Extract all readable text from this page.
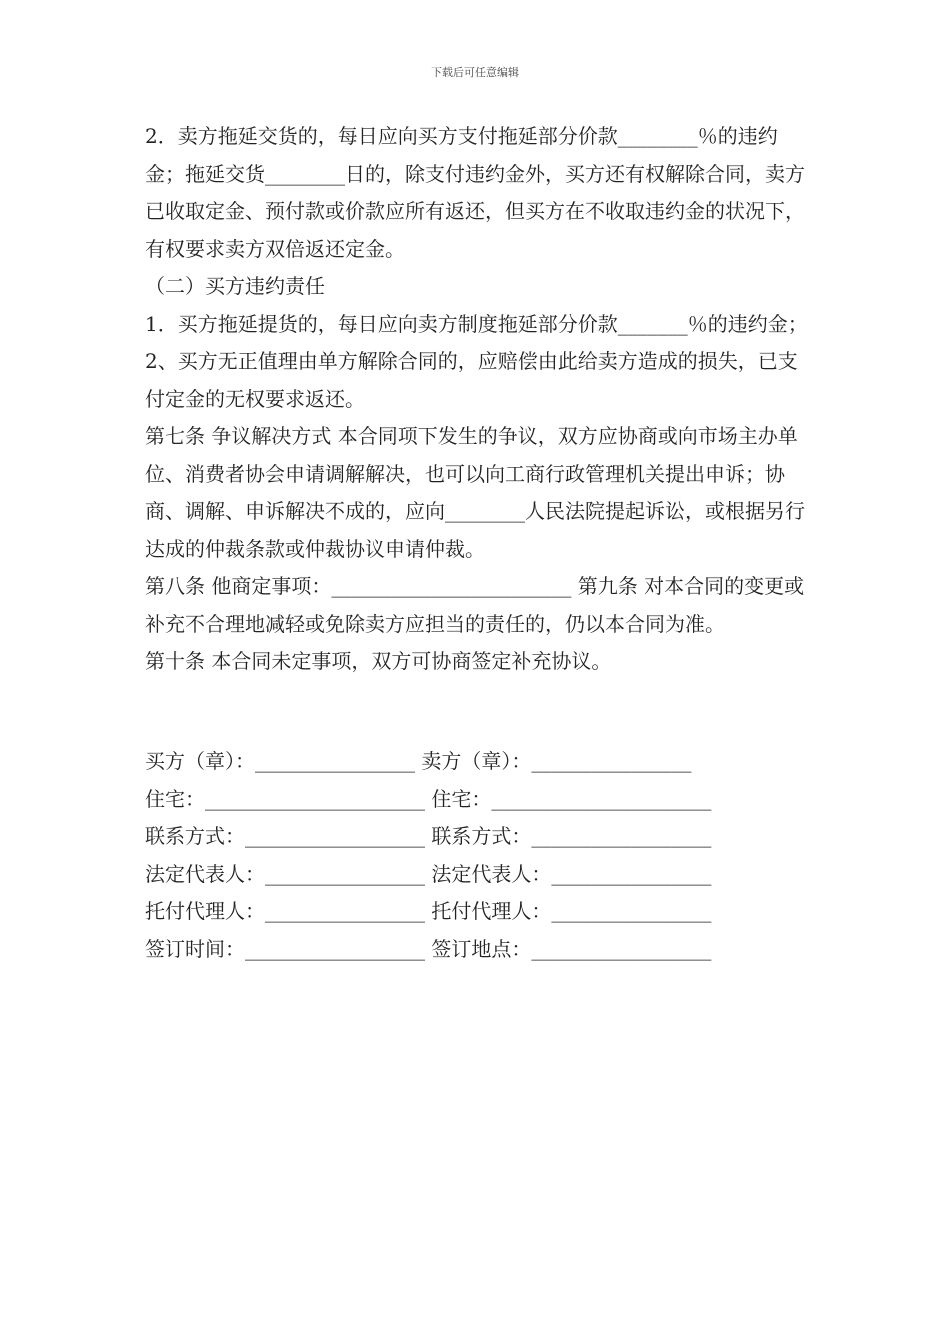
下载后可任意编辑

2．卖方拖延交货的，每日应向买方支付拖延部分价款________％的违约金；拖延交货________日的，除支付违约金外，买方还有权解除合同，卖方已收取定金、预付款或价款应所有返还，但买方在不收取违约金的状况下，有权要求卖方双倍返还定金。

（二）买方违约责任

1．买方拖延提货的，每日应向卖方制度拖延部分价款_______％的违约金；

2、买方无正值理由单方解除合同的，应赔偿由此给卖方造成的损失，已支付定金的无权要求返还。

第七条 争议解决方式 本合同项下发生的争议，双方应协商或向市场主办单位、消费者协会申请调解解决，也可以向工商行政管理机关提出申诉；协商、调解、申诉解决不成的，应向________人民法院提起诉讼，或根据另行达成的仲裁条款或仲裁协议申请仲裁。

第八条 他商定事项：________________________ 第九条 对本合同的变更或补充不合理地减轻或免除卖方应担当的责任的，仍以本合同为准。

第十条 本合同未定事项，双方可协商签定补充协议。

买方（章）：________________ 卖方（章）：________________
住宅：______________________ 住宅：______________________
联系方式：__________________ 联系方式：__________________
法定代表人：________________ 法定代表人：________________
托付代理人：________________ 托付代理人：________________
签订时间：__________________ 签订地点：__________________
